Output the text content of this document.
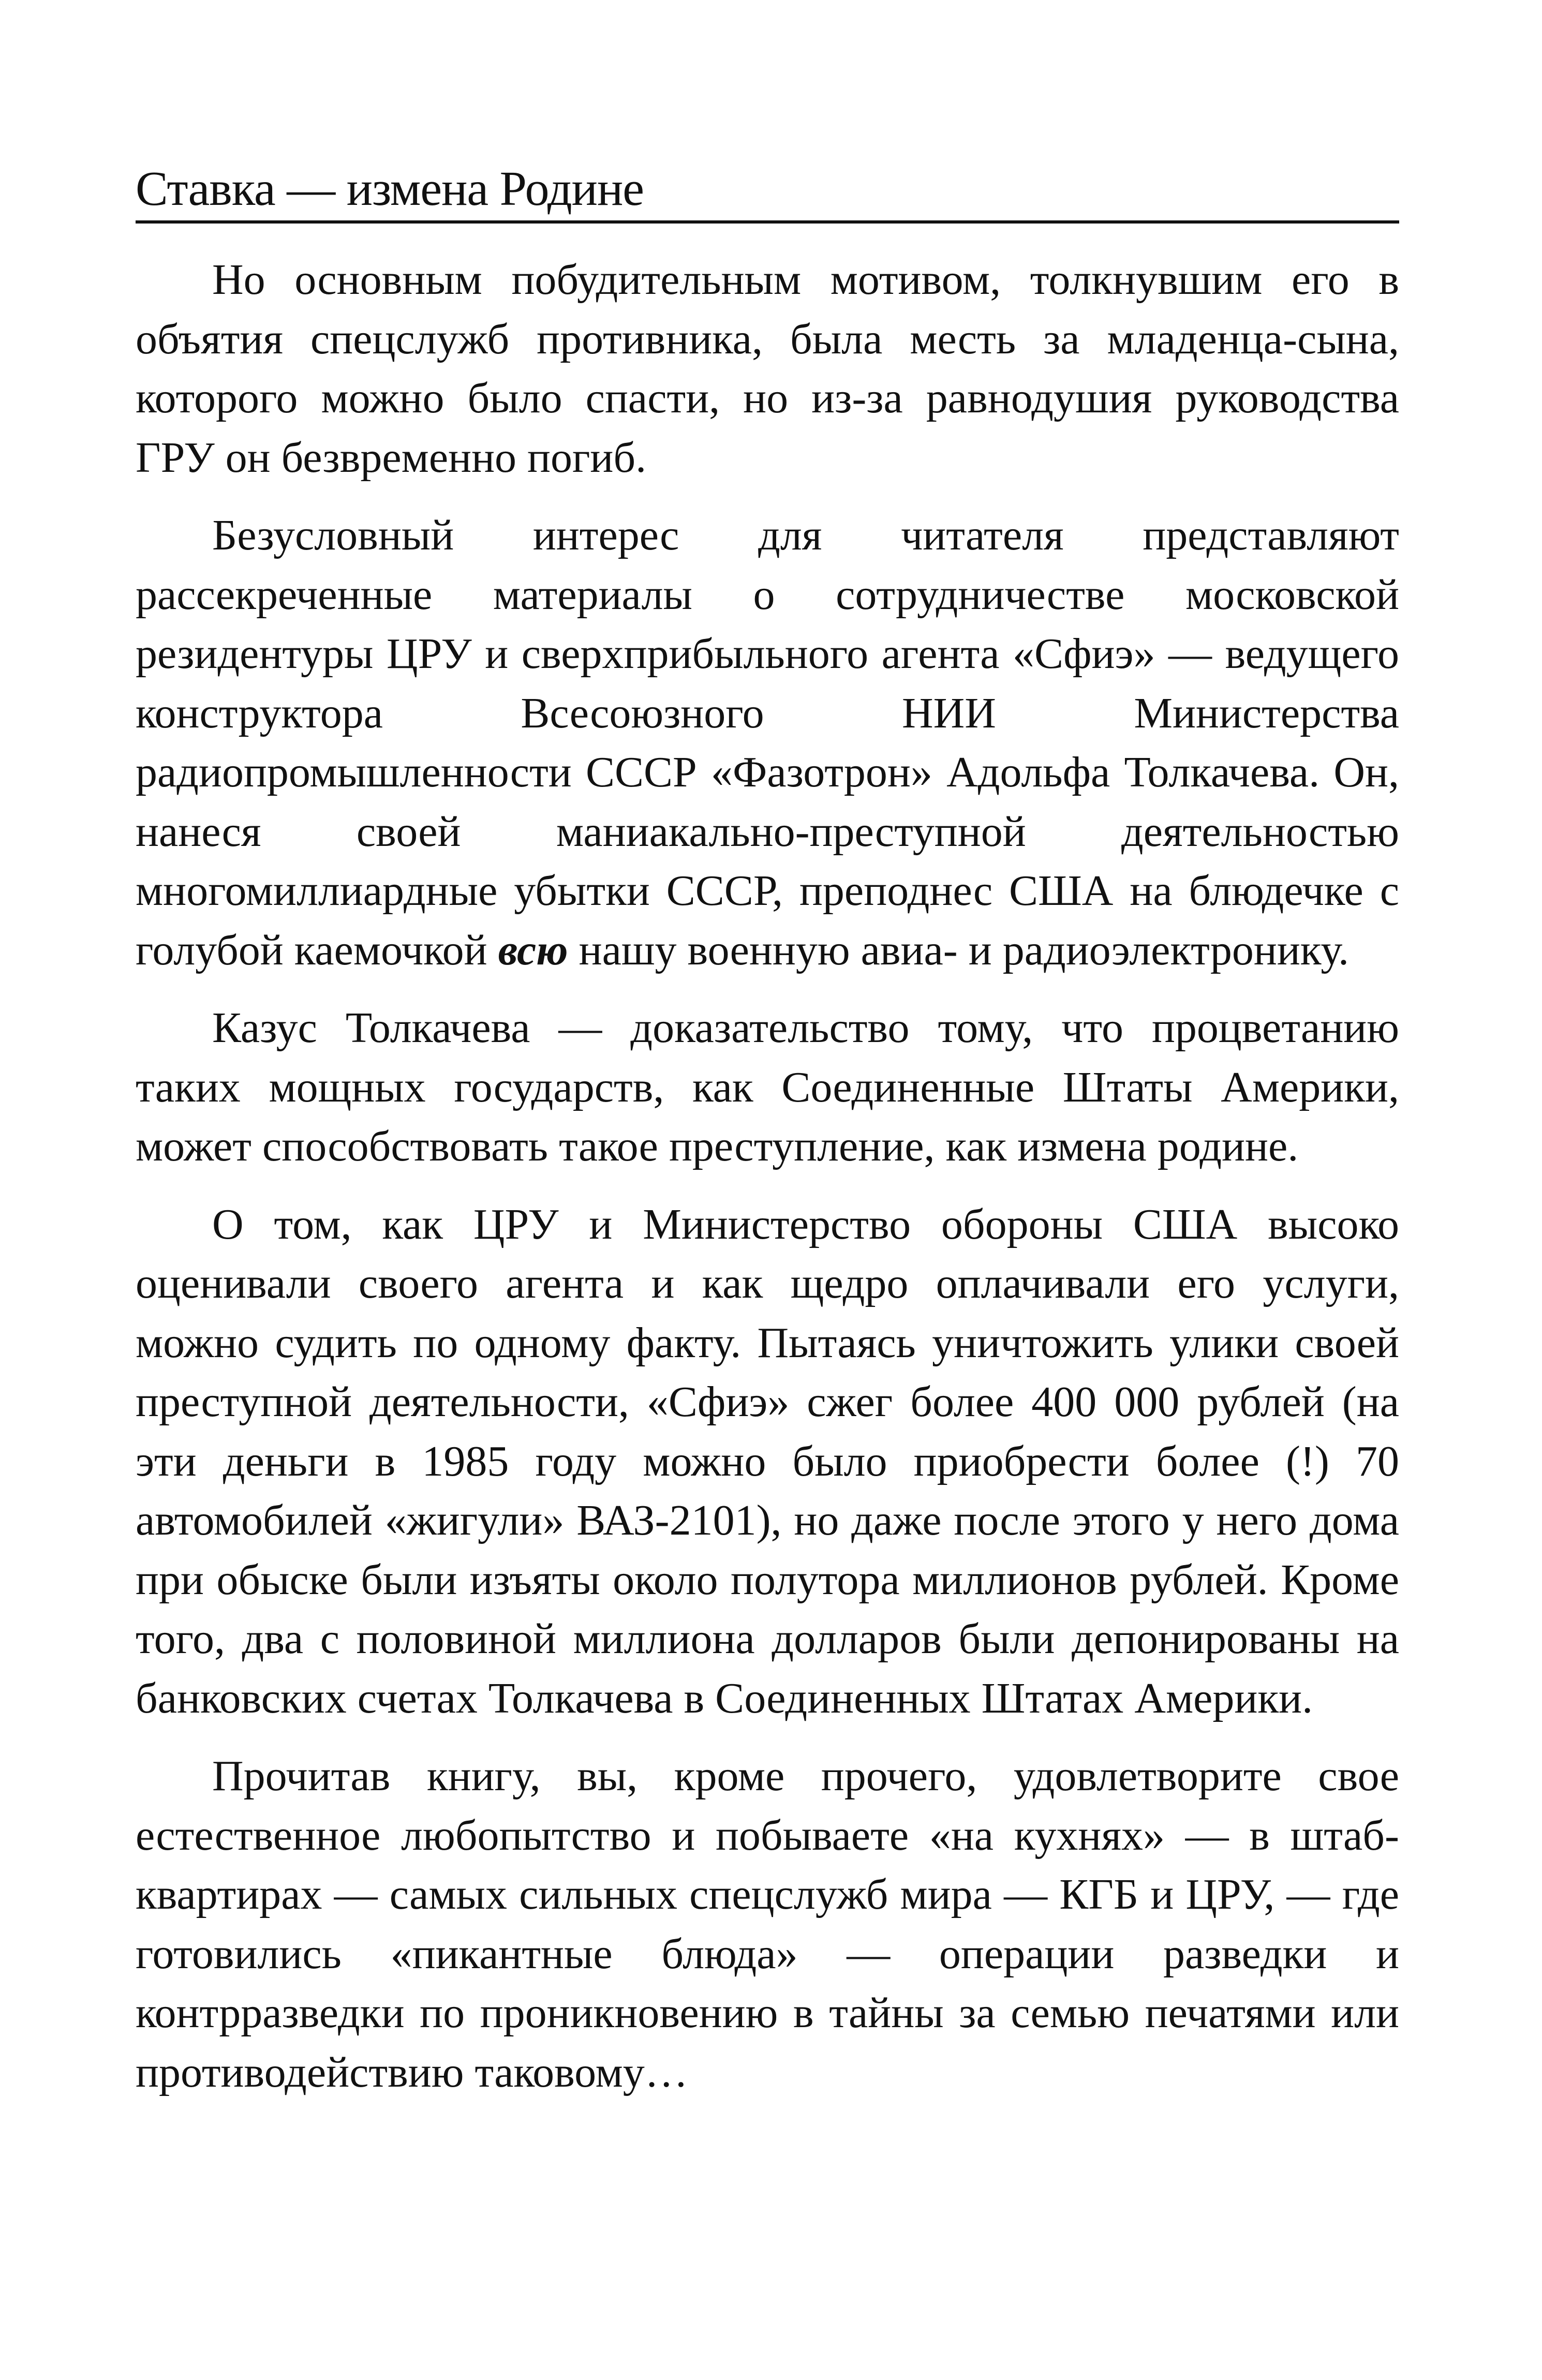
Ставка — измена Родине

Но основным побудительным мотивом, толкнувшим его в объятия спецслужб противника, была месть за младенца-сына, которого можно было спасти, но из-за равнодушия руководства ГРУ он безвременно погиб.

Безусловный интерес для читателя представляют рассекреченные материалы о сотрудничестве московской резидентуры ЦРУ и сверхприбыльного агента «Сфиэ» — ведущего конструктора Всесоюзного НИИ Министерства радиопромышленности СССР «Фазотрон» Адольфа Толкачева. Он, нанеся своей маниакально-преступной деятельностью многомиллиардные убытки СССР, преподнес США на блюдечке с голубой каемочкой всю нашу военную авиа- и радиоэлектронику.

Казус Толкачева — доказательство тому, что процветанию таких мощных государств, как Соединенные Штаты Америки, может способствовать такое преступление, как измена родине.

О том, как ЦРУ и Министерство обороны США высоко оценивали своего агента и как щедро оплачивали его услуги, можно судить по одному факту. Пытаясь уничтожить улики своей преступной деятельности, «Сфиэ» сжег более 400 000 рублей (на эти деньги в 1985 году можно было приобрести более (!) 70 автомобилей «жигули» ВАЗ-2101), но даже после этого у него дома при обыске были изъяты около полутора миллионов рублей. Кроме того, два с половиной миллиона долларов были депонированы на банковских счетах Толкачева в Соединенных Штатах Америки.

Прочитав книгу, вы, кроме прочего, удовлетворите свое естественное любопытство и побываете «на кухнях» — в штаб-квартирах — самых сильных спецслужб мира — КГБ и ЦРУ, — где готовились «пикантные блюда» — операции разведки и контрразведки по проникновению в тайны за семью печатями или противодействию таковому…
